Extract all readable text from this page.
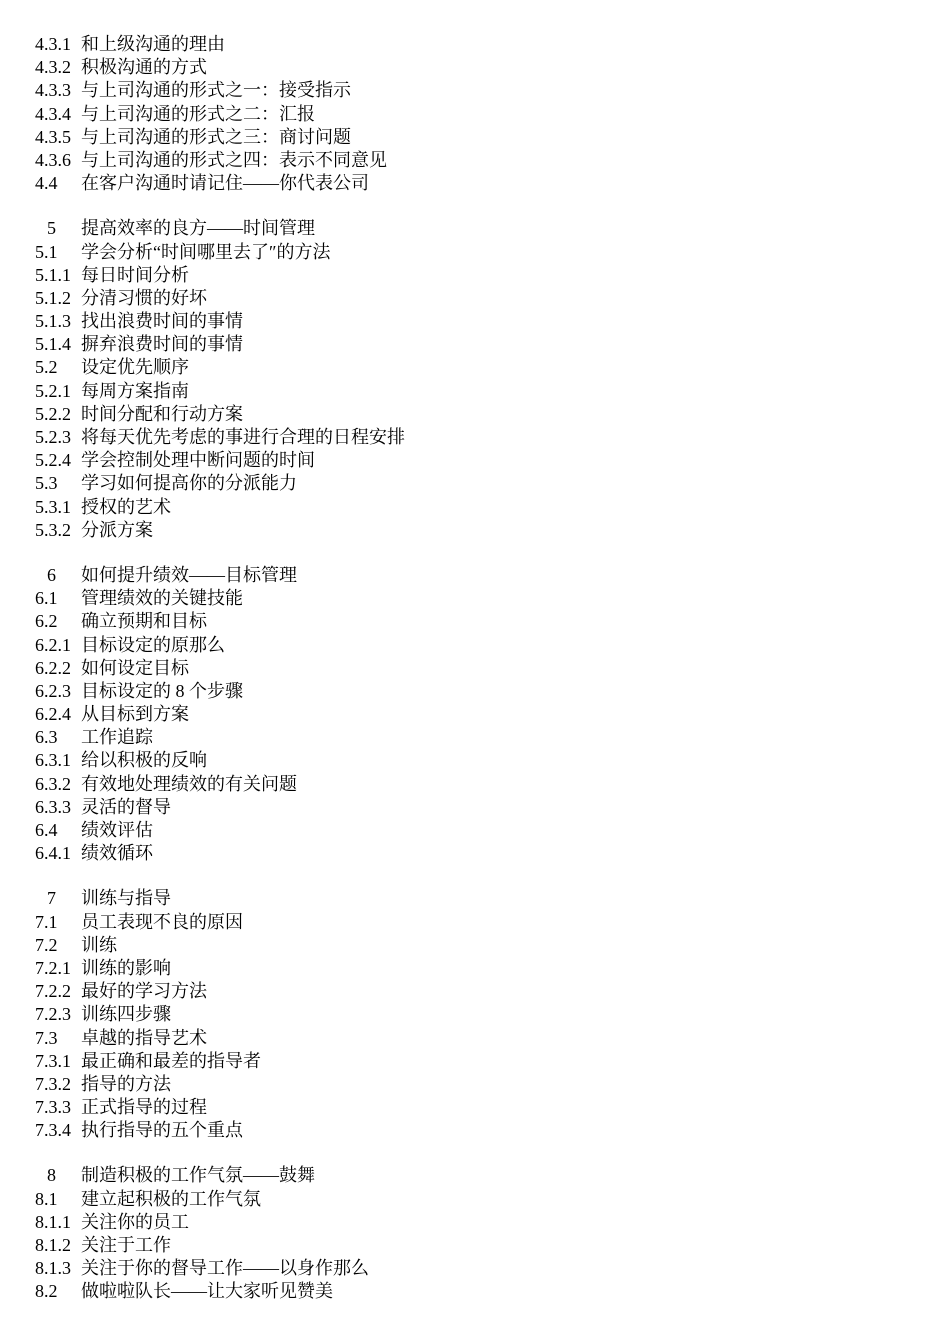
4.3.1 和上级沟通的理由
4.3.2 积极沟通的方式
4.3.3 与上司沟通的形式之一：接受指示
4.3.4 与上司沟通的形式之二：汇报
4.3.5 与上司沟通的形式之三：商讨问题
4.3.6 与上司沟通的形式之四：表示不同意见
4.4	在客户沟通时请记住——你代表公司
5	提高效率的良方——时间管理
5.1	学会分析“时间哪里去了″的方法
5.1.1 每日时间分析
5.1.2 分清习惯的好坏
5.1.3 找出浪费时间的事情
5.1.4 摒弃浪费时间的事情
5.2	设定优先顺序
5.2.1 每周方案指南
5.2.2 时间分配和行动方案
5.2.3 将每天优先考虑的事进行合理的日程安排
5.2.4 学会控制处理中断问题的时间
5.3	学习如何提高你的分派能力
5.3.1 授权的艺术
5.3.2 分派方案
6	如何提升绩效——目标管理
6.1	管理绩效的关键技能
6.2	确立预期和目标
6.2.1 目标设定的原那么
6.2.2 如何设定目标
6.2.3 目标设定的 8 个步骤
6.2.4 从目标到方案
6.3	工作追踪
6.3.1 给以积极的反响
6.3.2 有效地处理绩效的有关问题
6.3.3 灵活的督导
6.4	绩效评估
6.4.1 绩效循环
7	训练与指导
7.1	员工表现不良的原因
7.2	训练
7.2.1 训练的影响
7.2.2 最好的学习方法
7.2.3 训练四步骤
7.3	卓越的指导艺术
7.3.1 最正确和最差的指导者
7.3.2 指导的方法
7.3.3 正式指导的过程
7.3.4 执行指导的五个重点
8	制造积极的工作气氛——鼓舞
8.1	建立起积极的工作气氛
8.1.1 关注你的员工
8.1.2 关注于工作
8.1.3 关注于你的督导工作——以身作那么
8.2	做啦啦队长——让大家听见赞美
